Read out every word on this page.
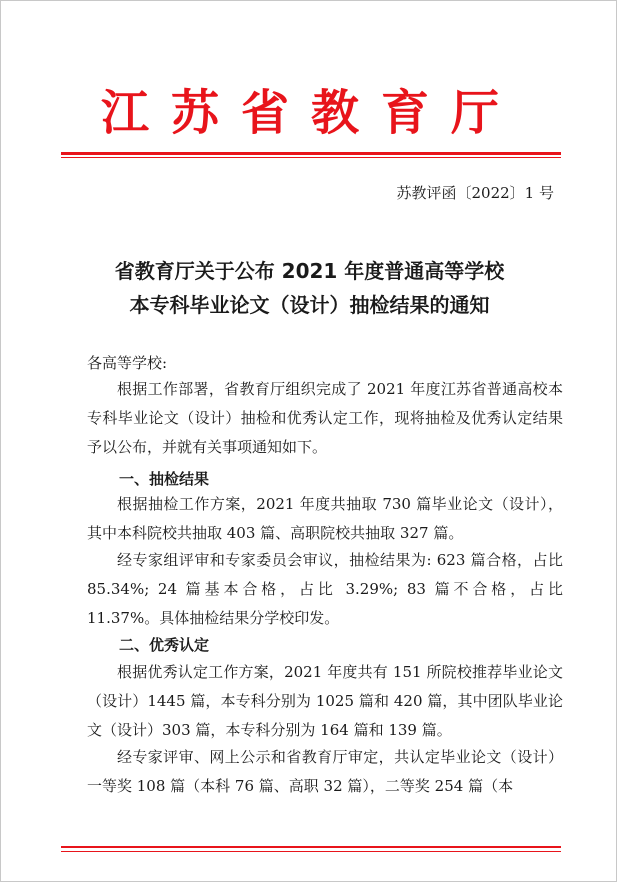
江苏省教育厅
苏教评函〔2022〕1 号
省教育厅关于公布 2021 年度普通高等学校
本专科毕业论文（设计）抽检结果的通知
各高等学校:

根据工作部署，省教育厅组织完成了 2021 年度江苏省普通高校本专科毕业论文（设计）抽检和优秀认定工作，现将抽检及优秀认定结果予以公布，并就有关事项通知如下。

一、抽检结果

根据抽检工作方案，2021 年度共抽取 730 篇毕业论文（设计），其中本科院校共抽取 403 篇、高职院校共抽取 327 篇。

经专家组评审和专家委员会审议，抽检结果为: 623 篇合格，占比 85.34%; 24 篇基本合格，占比 3.29%; 83 篇不合格，占比 11.37%。具体抽检结果分学校印发。

二、优秀认定

根据优秀认定工作方案，2021 年度共有 151 所院校推荐毕业论文（设计）1445 篇，本专科分别为 1025 篇和 420 篇，其中团队毕业论文（设计）303 篇，本专科分别为 164 篇和 139 篇。

经专家评审、网上公示和省教育厅审定，共认定毕业论文（设计）一等奖 108 篇（本科 76 篇、高职 32 篇），二等奖 254 篇（本
